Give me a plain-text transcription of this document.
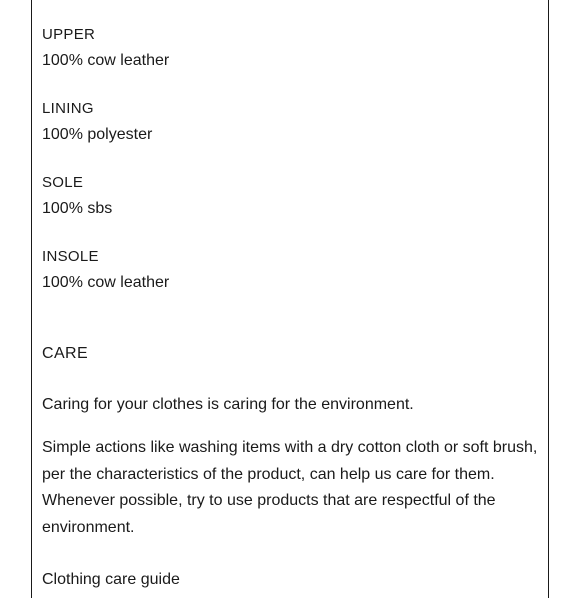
UPPER
100% cow leather
LINING
100% polyester
SOLE
100% sbs
INSOLE
100% cow leather
CARE

Caring for your clothes is caring for the environment.

Simple actions like washing items with a dry cotton cloth or soft brush, per the characteristics of the product, can help us care for them. Whenever possible, try to use products that are respectful of the environment.

Clothing care guide
